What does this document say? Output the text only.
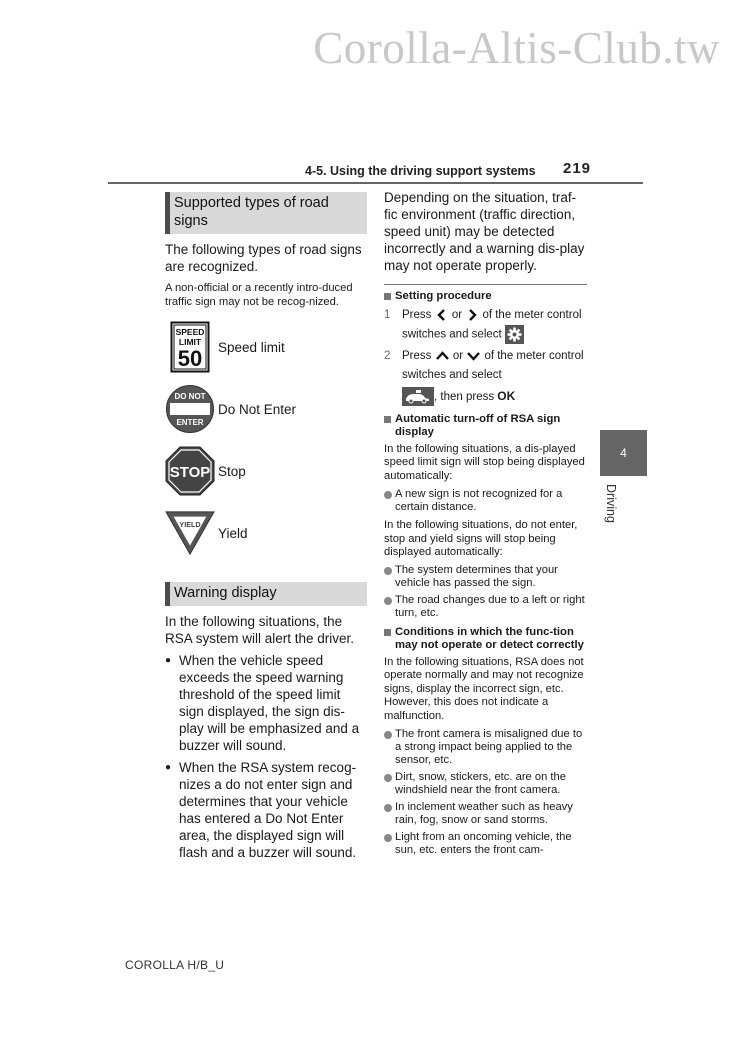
Corolla-Altis-Club.tw
4-5. Using the driving support systems 219
Supported types of road signs

The following types of road signs are recognized.

A non-official or a recently intro-duced traffic sign may not be recog-nized.

SPEED
LIMIT
50 Speed limit
DO NOT
ENTER
Do Not Enter
STOP Stop
YIELD
Yield
Warning display

In the following situations, the RSA system will alert the driver.

● When the vehicle speed exceeds the speed warning threshold of the speed limit sign displayed, the sign dis-play will be emphasized and a buzzer will sound.
● When the RSA system recog-nizes a do not enter sign and determines that your vehicle has entered a Do Not Enter area, the displayed sign will flash and a buzzer will sound.

Depending on the situation, traf-fic environment (traffic direction, speed unit) may be detected incorrectly and a warning dis-play may not operate properly.

Setting procedure
1 Press or of the meter control switches and select
2 Press or of the meter control switches and select
, then press OK
Automatic turn-off of RSA sign display

In the following situations, a dis-played speed limit sign will stop being displayed automatically:

A new sign is not recognized for a certain distance.

In the following situations, do not enter, stop and yield signs will stop being displayed automatically:

The system determines that your vehicle has passed the sign.
The road changes due to a left or right turn, etc.
Conditions in which the func-tion may not operate or detect correctly

In the following situations, RSA does not operate normally and may not recognize signs, display the incorrect sign, etc. However, this does not indicate a malfunction.

The front camera is misaligned due to a strong impact being applied to the sensor, etc.
Dirt, snow, stickers, etc. are on the windshield near the front camera.
In inclement weather such as heavy rain, fog, snow or sand storms.
Light from an oncoming vehicle, the sun, etc. enters the front cam-
4
Driving
COROLLA H/B_U
